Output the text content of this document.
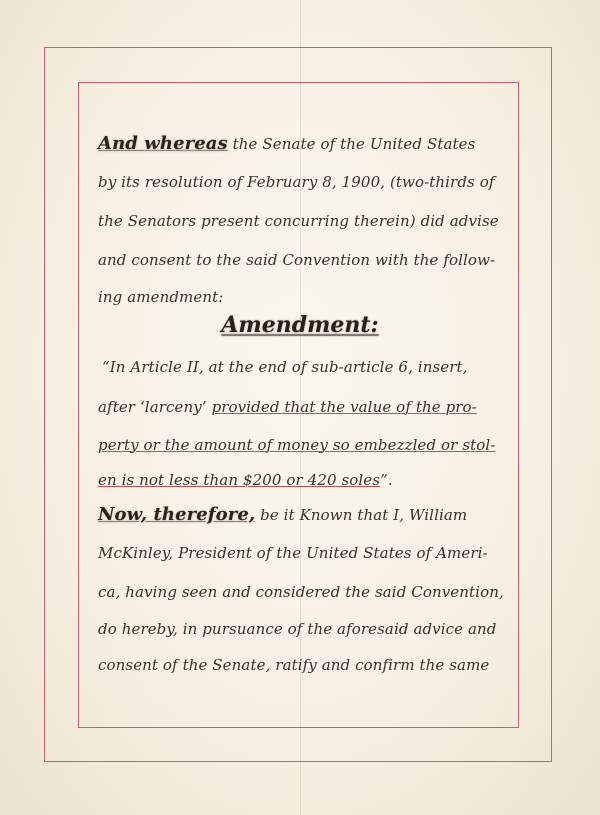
And whereas the Senate of the United States
by its resolution of February 8, 1900, (two-thirds of
the Senators present concurring therein) did advise
and consent to the said Convention with the follow-
ing amendment:
Amendment:
“In Article II, at the end of sub-article 6, insert,
after ‘larceny’ provided that the value of the pro-
perty or the amount of money so embezzled or stol-
en is not less than $200 or 420 soles”.
Now, therefore, be it Known that I, William
McKinley, President of the United States of Ameri-
ca, having seen and considered the said Convention,
do hereby, in pursuance of the aforesaid advice and
consent of the Senate, ratify and confirm the same
